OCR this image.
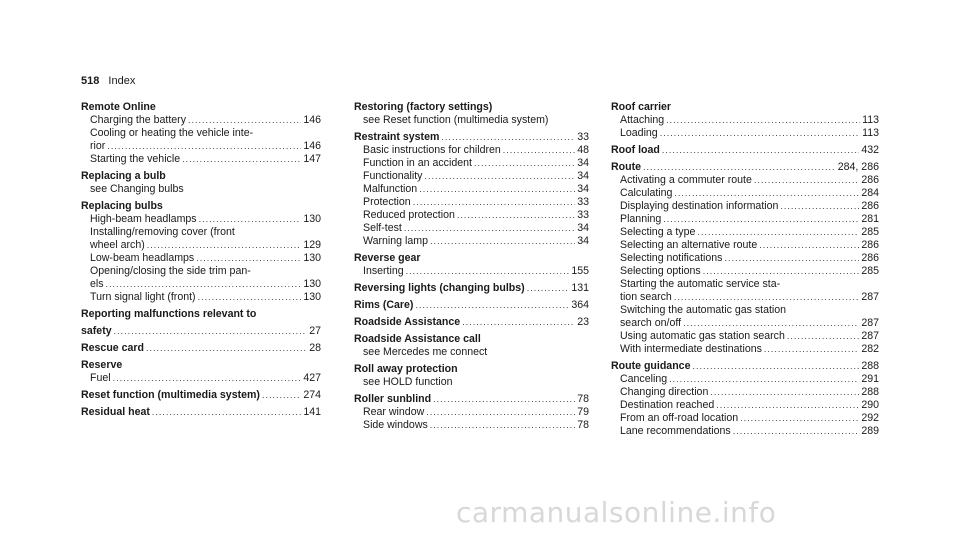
518 Index
Remote Online
Charging the battery .....	146
Cooling or heating the vehicle inte-
rior .....	146
Starting the vehicle .....	147
Replacing a bulb
see Changing bulbs
Replacing bulbs
High-beam headlamps .....	130
Installing/removing cover (front
wheel arch) .....	129
Low-beam headlamps .....	130
Opening/closing the side trim pan-
els .....	130
Turn signal light (front) .....	130
Reporting malfunctions relevant to
safety .....	27
Rescue card .....	28
Reserve
Fuel .....	427
Reset function (multimedia system) .....	274
Residual heat .....	141
Restoring (factory settings)
see Reset function (multimedia system)
Restraint system .....	33
Basic instructions for children .....	48
Function in an accident .....	34
Functionality .....	34
Malfunction .....	34
Protection .....	33
Reduced protection .....	33
Self-test .....	34
Warning lamp .....	34
Reverse gear
Inserting .....	155
Reversing lights (changing bulbs) .....	131
Rims (Care) .....	364
Roadside Assistance .....	23
Roadside Assistance call
see Mercedes me connect
Roll away protection
see HOLD function
Roller sunblind .....	78
Rear window .....	79
Side windows .....	78
Roof carrier
Attaching .....	113
Loading .....	113
Roof load .....	432
Route .....	284, 286
Activating a commuter route .....	286
Calculating .....	284
Displaying destination information .....	286
Planning .....	281
Selecting a type .....	285
Selecting an alternative route .....	286
Selecting notifications .....	286
Selecting options .....	285
Starting the automatic service sta-
tion search .....	287
Switching the automatic gas station
search on/off .....	287
Using automatic gas station search .....	287
With intermediate destinations .....	282
Route guidance .....	288
Canceling .....	291
Changing direction .....	288
Destination reached .....	290
From an off-road location .....	292
Lane recommendations .....	289
carmanualsonline.info
